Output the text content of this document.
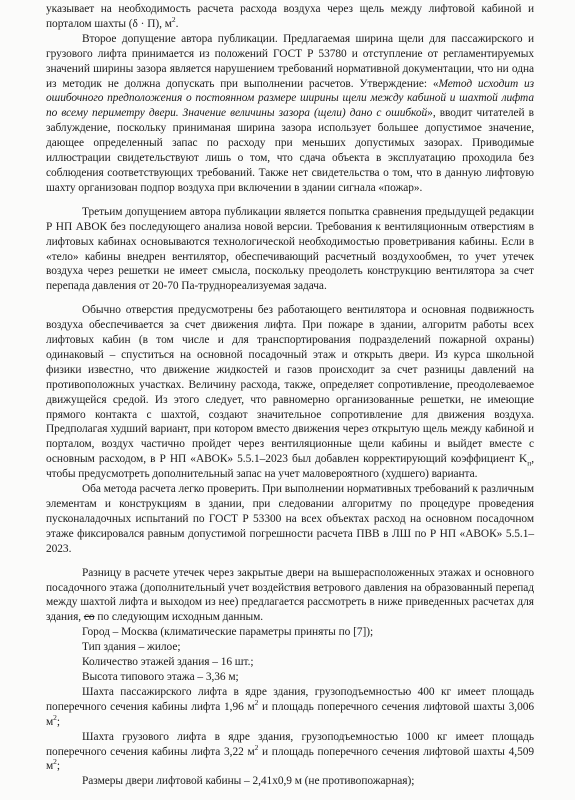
указывает на необходимость расчета расхода воздуха через щель между лифтовой кабиной и порталом шахты (δ · Π), $м^2$.

Второе допущение автора публикации. Предлагаемая ширина щели для пассажирского и грузового лифта принимается из положений ГОСТ Р 53780 и отступление от регламентируемых значений ширины зазора является нарушением требований нормативной документации, что ни одна из методик не должна допускать при выполнении расчетов. Утверждение: «Метод исходит из ошибочного предположения о постоянном размере ширины щели между кабиной и шахтой лифта по всему периметру двери. Значение величины зазора (щели) дано с ошибкой», вводит читателей в заблуждение, поскольку приниманая ширина зазора использует большее допустимое значение, дающее определенный запас по расходу при меньших допустимых зазорах. Приводимые иллюстрации свидетельствуют лишь о том, что сдача объекта в эксплуатацию проходила без соблюдения соответствующих требований. Также нет свидетельства о том, что в данную лифтовую шахту организован подпор воздуха при включении в здании сигнала «пожар».

Третьим допущением автора публикации является попытка сравнения предыдущей редакции Р НП АВОК без последующего анализа новой версии. Требования к вентиляционным отверстиям в лифтовых кабинах основываются технологической необходимостью проветривания кабины. Если в «тело» кабины внедрен вентилятор, обеспечивающий расчетный воздухообмен, то учет утечек воздуха через решетки не имеет смысла, поскольку преодолеть конструкцию вентилятора за счет перепада давления от 20-70 Па-трудноpеализуемая задача.

Обычно отверстия предусмотрены без работающего вентилятора и основная подвижность воздуха обеспечивается за счет движения лифта. При пожаре в здании, алгоритм работы всех лифтовых кабин (в том числе и для транспортирования подразделений пожарной охраны) одинаковый – спуститься на основной посадочный этаж и открыть двери. Из курса школьной физики известно, что движение жидкостей и газов происходит за счет разницы давлений на противоположных участках. Величину расхода, также, определяет сопротивление, преодолеваемое движущейся средой. Из этого следует, что равномерно организованные решетки, не имеющие прямого контакта с шахтой, создают значительное сопротивление для движения воздуха. Предполагая худший вариант, при котором вместо движения через открытую щель между кабиной и порталом, воздух частично пройдет через вентиляционные щели кабины и выйдет вместе с основным расходом, в Р НП «АВОК» 5.5.1–2023 был добавлен корректирующий коэффициент $K_п$, чтобы предусмотреть дополнительный запас на учет маловероятного (худшего) варианта.

Оба метода расчета легко проверить. При выполнении нормативных требований к различным элементам и конструкциям в здании, при следовании алгоритму по процедуре проведения пусконаладочных испытаний по ГОСТ Р 53300 на всех объектах расход на основном посадочном этаже фиксировался равным допустимой погрешности расчета ПВВ в ЛШ по Р НП «АВОК» 5.5.1–2023.

Разницу в расчете утечек через закрытые двери на вышерасположенных этажах и основного посадочного этажа (дополнительный учет воздействия ветрового давления на образованный перепад между шахтой лифта и выходом из нее) предлагается рассмотреть в ниже приведенных расчетах для здания, со по следующим исходным данным.

Город – Москва (климатические параметры приняты по [7]);

Тип здания – жилое;

Количество этажей здания – 16 шт.;

Высота типового этажа – 3,36 м;

Шахта пассажирского лифта в ядре здания, грузоподъемностью 400 кг имеет площадь поперечного сечения кабины лифта 1,96 $м^2$ и площадь поперечного сечения лифтовой шахты 3,006 $м^2$;

Шахта грузового лифта в ядре здания, грузоподъемностью 1000 кг имеет площадь поперечного сечения кабины лифта 3,22 $м^2$ и площадь поперечного сечения лифтовой шахты 4,509 $м^2$;

Размеры двери лифтовой кабины – 2,41х0,9 м (не противопожарная);
